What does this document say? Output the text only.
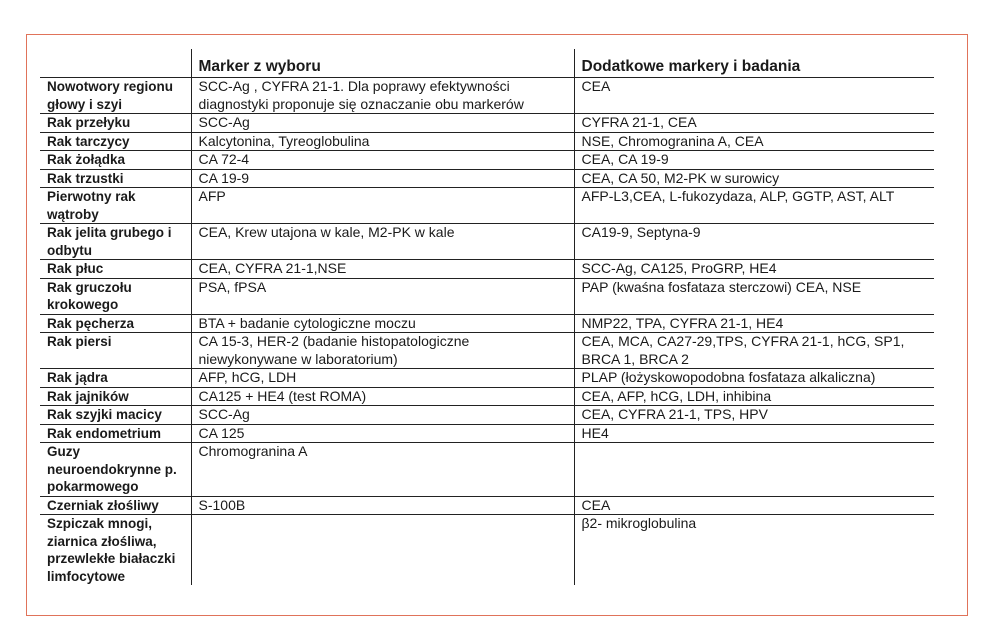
	Marker z wyboru	Dodatkowe markery i badania
Nowotwory regionu głowy i szyi	SCC-Ag , CYFRA 21-1. Dla poprawy efektywności diagnostyki proponuje się oznaczanie obu markerów	CEA
Rak przełyku	SCC-Ag	CYFRA 21-1, CEA
Rak tarczycy	Kalcytonina, Tyreoglobulina	NSE, Chromogranina A, CEA
Rak żołądka	CA 72-4	CEA, CA 19-9
Rak trzustki	CA 19-9	CEA, CA 50, M2-PK w surowicy
Pierwotny rak wątroby	AFP	AFP-L3,CEA, L-fukozydaza, ALP, GGTP, AST, ALT
Rak jelita grubego i odbytu	CEA, Krew utajona w kale, M2-PK w kale	CA19-9, Septyna-9
Rak płuc	CEA, CYFRA 21-1,NSE	SCC-Ag, CA125, ProGRP, HE4
Rak gruczołu krokowego	PSA, fPSA	PAP (kwaśna fosfataza sterczowi) CEA, NSE
Rak pęcherza	BTA + badanie cytologiczne moczu	NMP22, TPA, CYFRA 21-1, HE4
Rak piersi	CA 15-3, HER-2 (badanie histopatologiczne niewykonywane w laboratorium)	CEA, MCA, CA27-29,TPS, CYFRA 21-1, hCG, SP1, BRCA 1, BRCA 2
Rak jądra	AFP, hCG, LDH	PLAP (łożyskowopodobna fosfataza alkaliczna)
Rak jajników	CA125 + HE4 (test ROMA)	CEA, AFP, hCG, LDH, inhibina
Rak szyjki macicy	SCC-Ag	CEA, CYFRA 21-1, TPS, HPV
Rak endometrium	CA 125	HE4
Guzy neuroendokrynne p. pokarmowego	Chromogranina A	
Czerniak złośliwy	S-100B	CEA
Szpiczak mnogi, ziarnica złośliwa, przewlekłe białaczki limfocytowe		β2- mikroglobulina
